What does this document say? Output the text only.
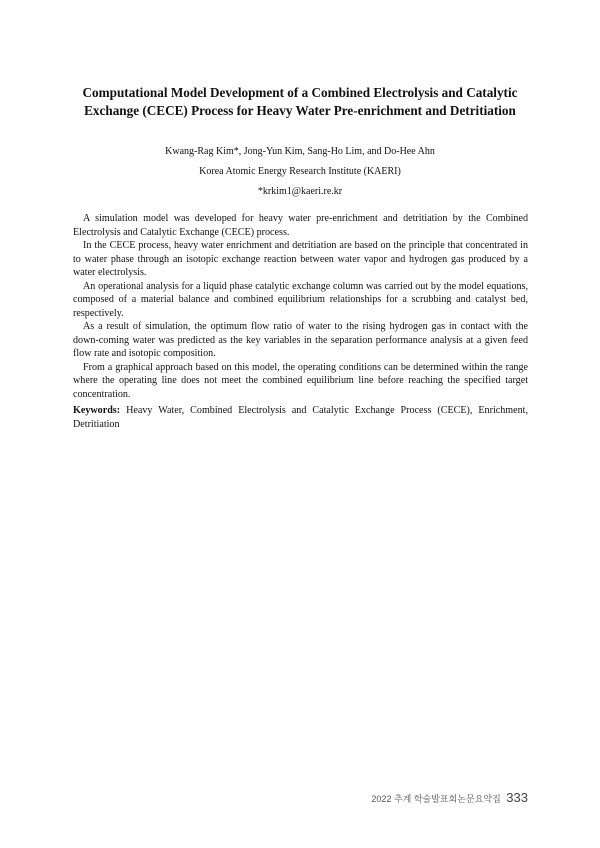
Computational Model Development of a Combined Electrolysis and Catalytic
Exchange (CECE) Process for Heavy Water Pre-enrichment and Detritiation
Kwang-Rag Kim*, Jong-Yun Kim, Sang-Ho Lim, and Do-Hee Ahn
Korea Atomic Energy Research Institute (KAERI)
*krkim1@kaeri.re.kr

A simulation model was developed for heavy water pre-enrichment and detritiation by the Combined Electrolysis and Catalytic Exchange (CECE) process.

In the CECE process, heavy water enrichment and detritiation are based on the principle that concentrated in to water phase through an isotopic exchange reaction between water vapor and hydrogen gas produced by a water electrolysis.

An operational analysis for a liquid phase catalytic exchange column was carried out by the model equations, composed of a material balance and combined equilibrium relationships for a scrubbing and catalyst bed, respectively.

As a result of simulation, the optimum flow ratio of water to the rising hydrogen gas in contact with the down-coming water was predicted as the key variables in the separation performance analysis at a given feed flow rate and isotopic composition.

From a graphical approach based on this model, the operating conditions can be determined within the range where the operating line does not meet the combined equilibrium line before reaching the specified target concentration.

Keywords: Heavy Water, Combined Electrolysis and Catalytic Exchange Process (CECE), Enrichment, Detritiation
2022 추계 학술발표회논문요약집 333
